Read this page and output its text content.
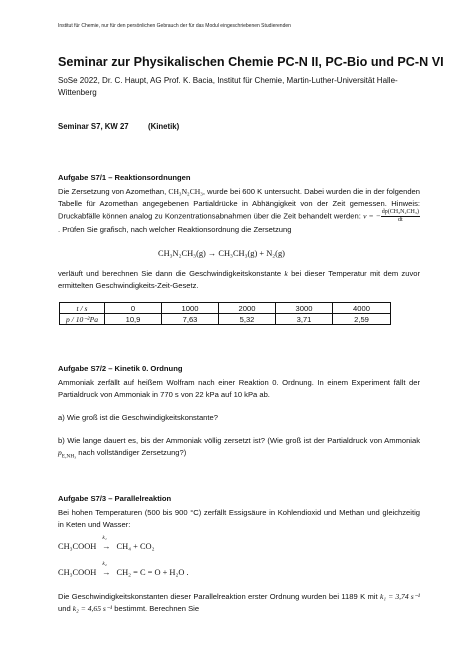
Institut für Chemie, nur für den persönlichen Gebrauch der für das Modul eingeschriebenen Studierenden
Seminar zur Physikalischen Chemie PC-N II, PC-Bio und PC-N VI
SoSe 2022, Dr. C. Haupt, AG Prof. K. Bacia, Institut für Chemie, Martin-Luther-Universität Halle-Wittenberg
Seminar S7, KW 27 (Kinetik)
Aufgabe S7/1 – Reaktionsordnungen
Die Zersetzung von Azomethan, CH₃N₂CH₃, wurde bei 600 K untersucht. Dabei wurden die in der folgenden Tabelle für Azomethan angegebenen Partialdrücke in Abhängigkeit von der Zeit gemessen. Hinweis: Druckabfälle können analog zu Konzentrationsabnahmen über die Zeit behandelt werden: v = − $\frac{\text{dp(CH₃N₂CH₃)}}{dt}$
. Prüfen Sie grafisch, nach welcher Reaktionsordnung die Zersetzung
CH₃N₂CH₃(g) → CH₃CH₃(g) + N₂(g)
verläuft und berechnen Sie dann die Geschwindigkeitskonstante k bei dieser Temperatur mit dem zuvor ermittelten Geschwindigkeits-Zeit-Gesetz.
t / s	0	1000	2000	3000	4000
p / 10⁻²Pa	10,9	7,63	5,32	3,71	2,59
Aufgabe S7/2 – Kinetik 0. Ordnung
Ammoniak zerfällt auf heißem Wolfram nach einer Reaktion 0. Ordnung. In einem Experiment fällt der Partialdruck von Ammoniak in 770 s von 22 kPa auf 10 kPa ab.
a) Wie groß ist die Geschwindigkeitskonstante?
b) Wie lange dauert es, bis der Ammoniak völlig zersetzt ist? (Wie groß ist der Partialdruck von Ammoniak $p_{E,NH_3}$ nach vollständiger Zersetzung?)
Aufgabe S7/3 – Parallelreaktion
Bei hohen Temperaturen (500 bis 900 °C) zerfällt Essigsäure in Kohlendioxid und Methan und gleichzeitig in Keten und Wasser:
CH₃COOH
k₁
→ CH₄ + CO₂
CH₃COOH
k₂
→ CH₂ = C = O + H₂O .
Die Geschwindigkeitskonstanten dieser Parallelreaktion erster Ordnung wurden bei 1189 K mit k₁ = 3,74 s⁻¹ und k₂ = 4,65 s⁻¹ bestimmt. Berechnen Sie
